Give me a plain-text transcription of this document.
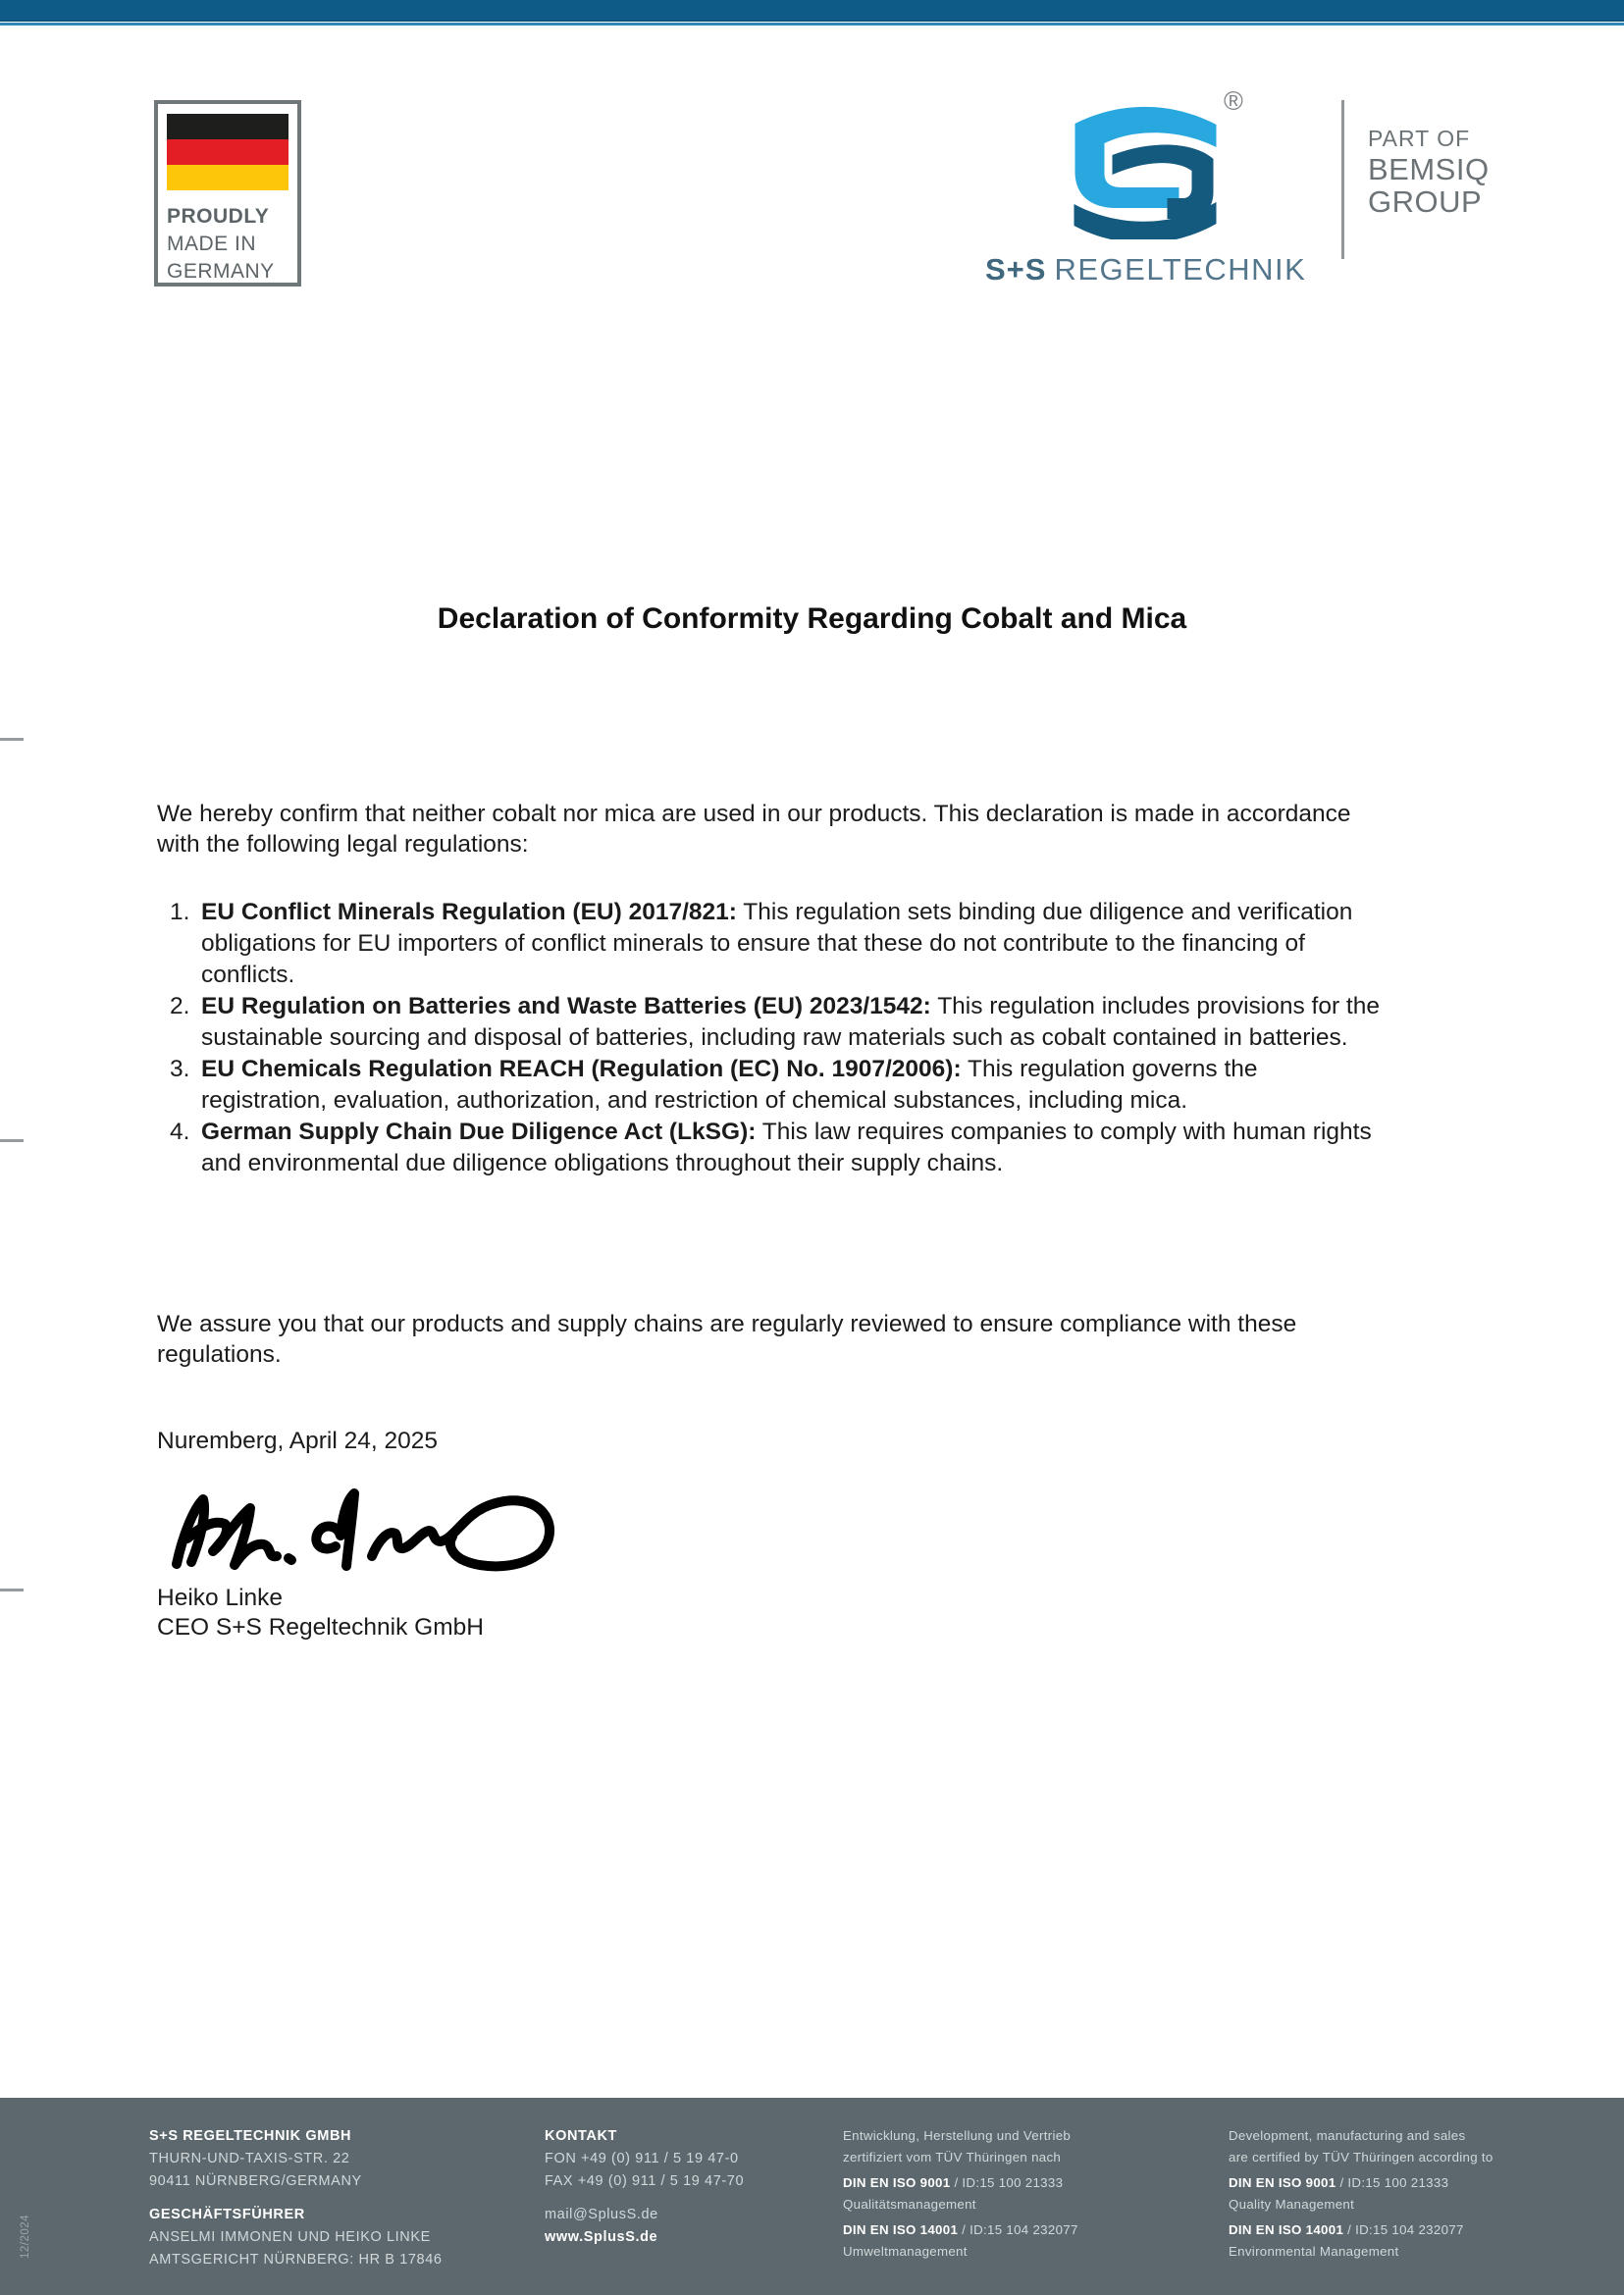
PROUDLY
MADE IN
GERMANY
®
S+S REGELTECHNIK
PART OF
BEMSIQ
GROUP
Declaration of Conformity Regarding Cobalt and Mica

We hereby confirm that neither cobalt nor mica are used in our products. This declaration is made in accordance with the following legal regulations:

1. EU Conflict Minerals Regulation (EU) 2017/821: This regulation sets binding due diligence and verification obligations for EU importers of conflict minerals to ensure that these do not contribute to the financing of conflicts.
2. EU Regulation on Batteries and Waste Batteries (EU) 2023/1542: This regulation includes provisions for the sustainable sourcing and disposal of batteries, including raw materials such as cobalt contained in batteries.
3. EU Chemicals Regulation REACH (Regulation (EC) No. 1907/2006): This regulation governs the registration, evaluation, authorization, and restriction of chemical substances, including mica.
4. German Supply Chain Due Diligence Act (LkSG): This law requires companies to comply with human rights and environmental due diligence obligations throughout their supply chains.

We assure you that our products and supply chains are regularly reviewed to ensure compliance with these regulations.

Nuremberg, April 24, 2025

Heiko Linke
CEO S+S Regeltechnik GmbH
12/2024
S+S REGELTECHNIK GMBH
THURN-UND-TAXIS-STR. 22
90411 NÜRNBERG/GERMANY
GESCHÄFTSFÜHRER
ANSELMI IMMONEN UND HEIKO LINKE
AMTSGERICHT NÜRNBERG: HR B 17846
KONTAKT
FON +49 (0) 911 / 5 19 47-0
FAX +49 (0) 911 / 5 19 47-70
mail@SplusS.de
www.SplusS.de
Entwicklung, Herstellung und Vertrieb
zertifiziert vom TÜV Thüringen nach
DIN EN ISO 9001 / ID:15 100 21333
Qualitätsmanagement
DIN EN ISO 14001 / ID:15 104 232077
Umweltmanagement
Development, manufacturing and sales
are certified by TÜV Thüringen according to
DIN EN ISO 9001 / ID:15 100 21333
Quality Management
DIN EN ISO 14001 / ID:15 104 232077
Environmental Management
